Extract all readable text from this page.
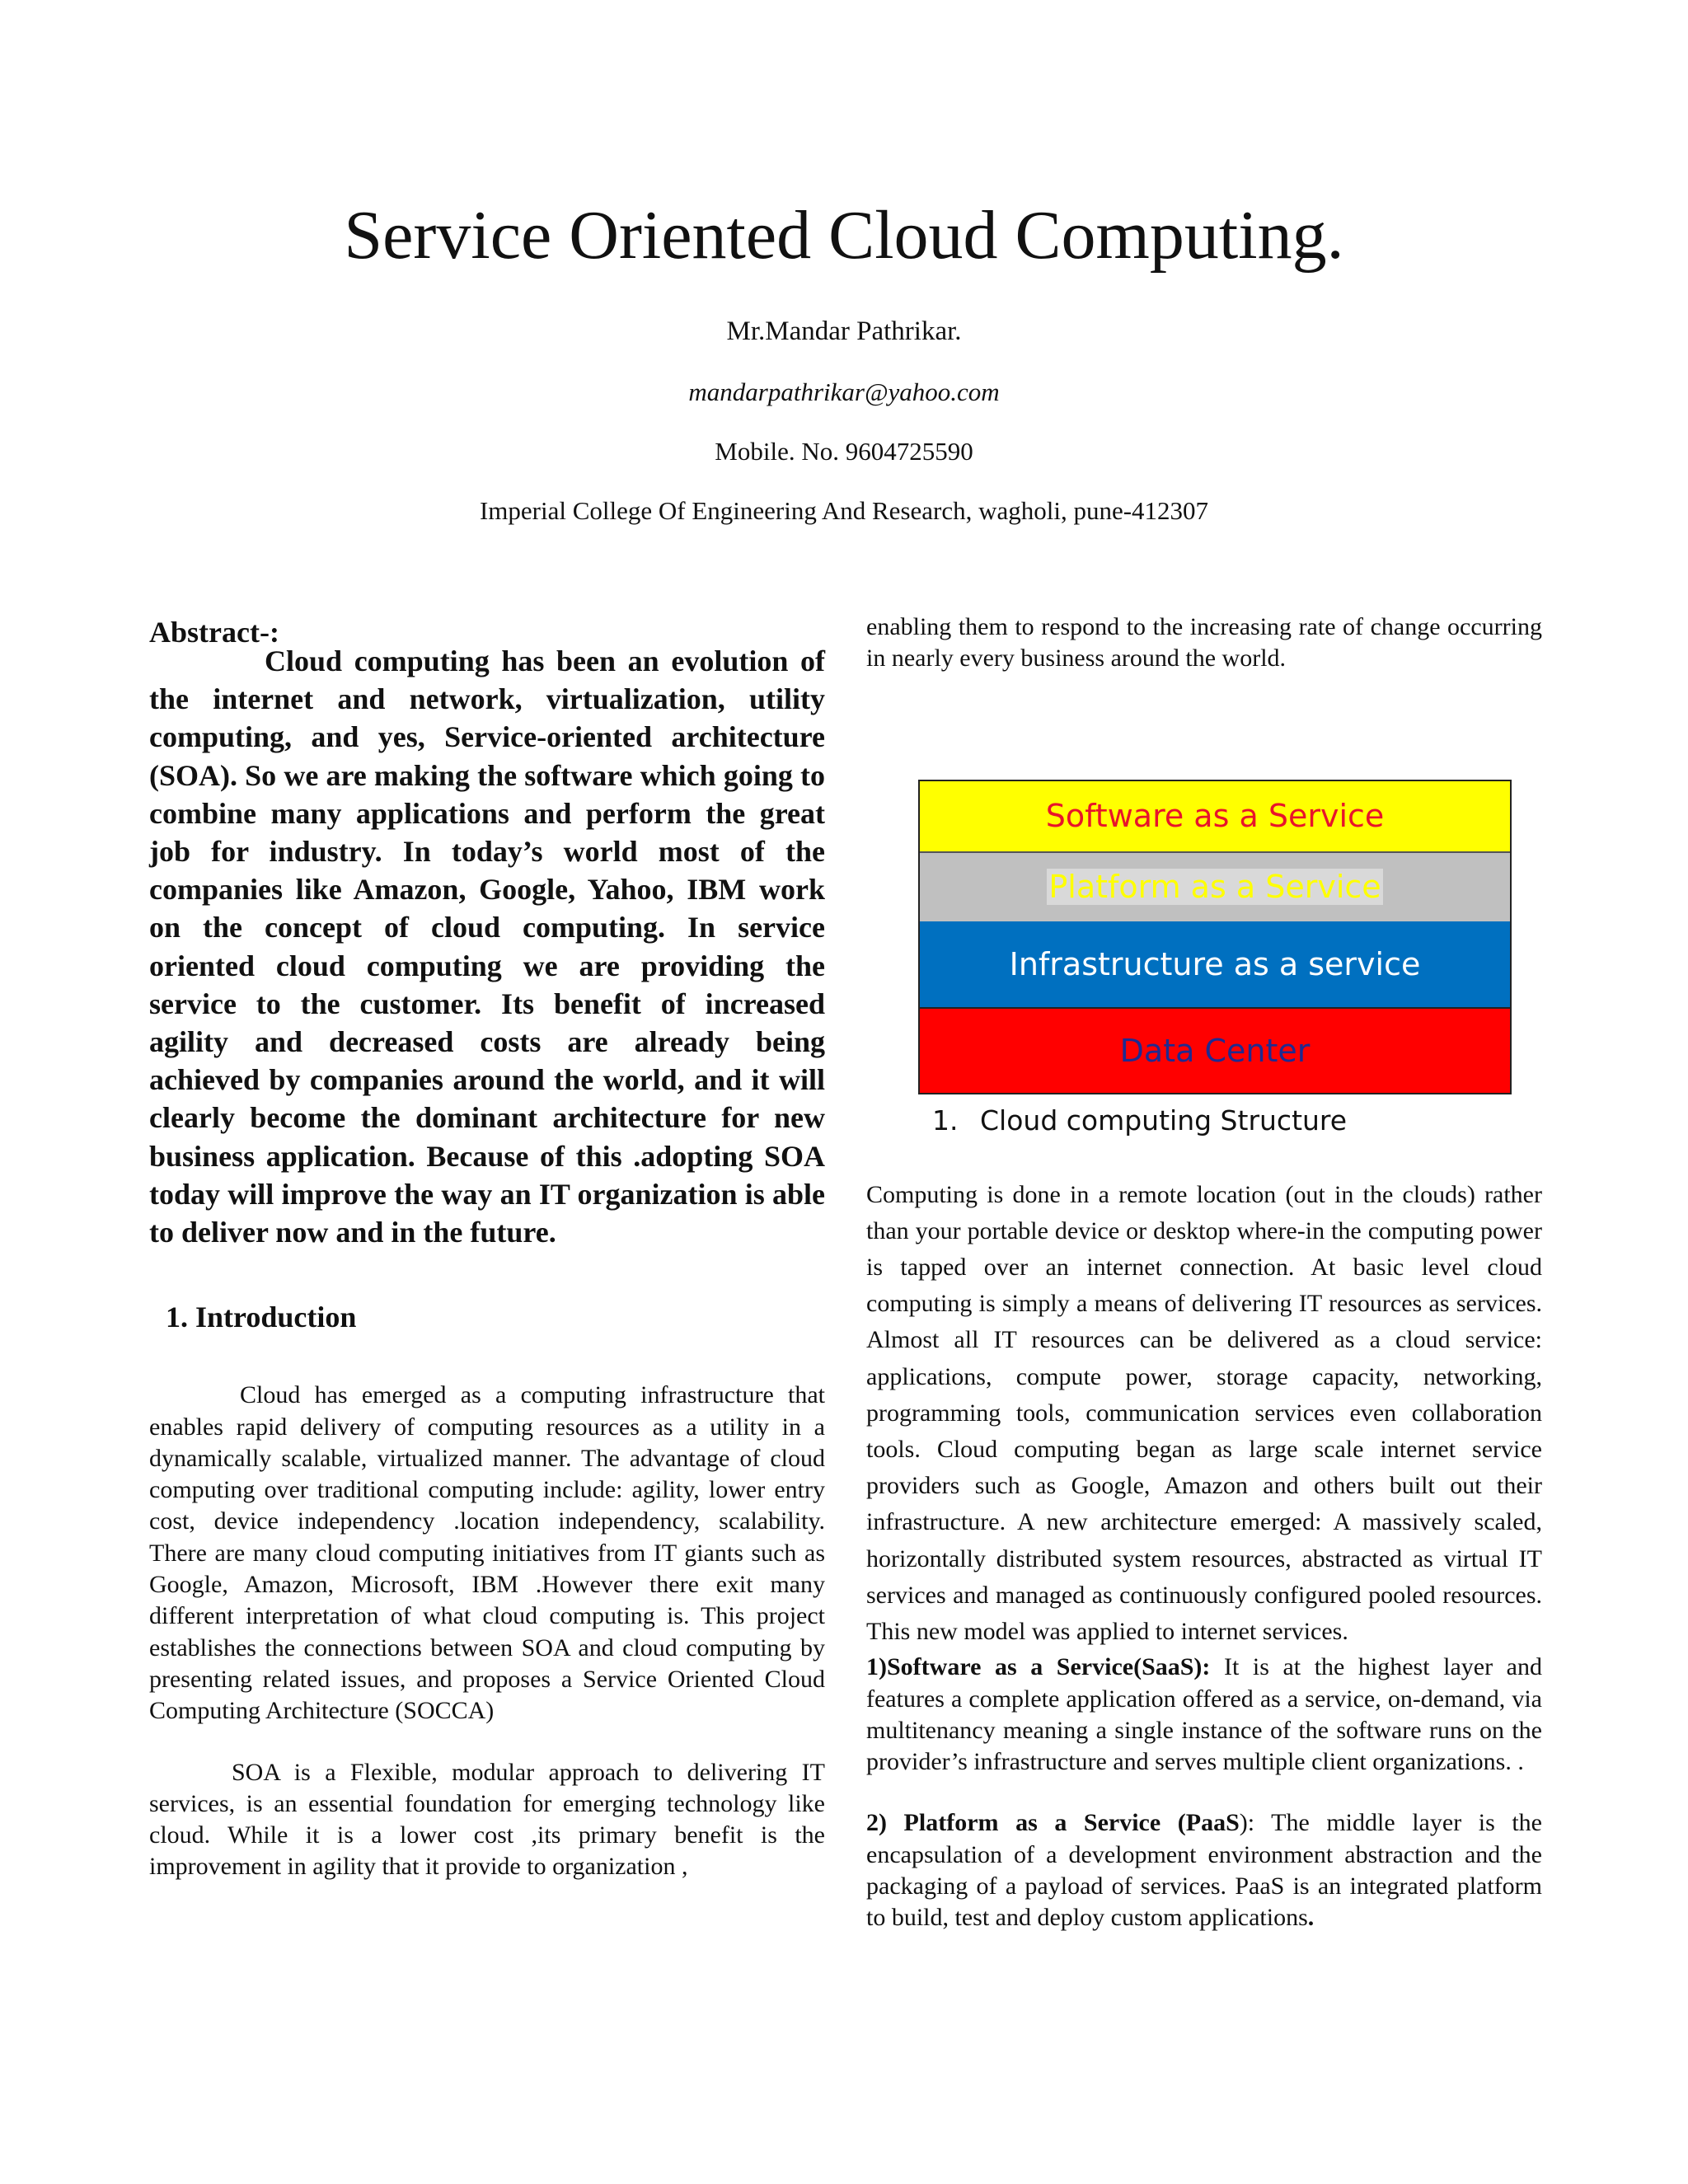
Service Oriented Cloud Computing.
Mr.Mandar Pathrikar.
mandarpathrikar@yahoo.com
Mobile. No. 9604725590
Imperial College Of Engineering And Research, wagholi, pune-412307

Abstract-:

Cloud computing has been an evolution of the internet and network, virtualization, utility computing, and yes, Service-oriented architecture (SOA). So we are making the software which going to combine many applications and perform the great job for industry. In today’s world most of the companies like Amazon, Google, Yahoo, IBM work on the concept of cloud computing. In service oriented cloud computing we are providing the service to the customer. Its benefit of increased agility and decreased costs are already being achieved by companies around the world, and it will clearly become the dominant architecture for new business application. Because of this .adopting SOA today will improve the way an IT organization is able to deliver now and in the future.

1. Introduction

Cloud has emerged as a computing infrastructure that enables rapid delivery of computing resources as a utility in a dynamically scalable, virtualized manner. The advantage of cloud computing over traditional computing include: agility, lower entry cost, device independency .location independency, scalability. There are many cloud computing initiatives from IT giants such as Google, Amazon, Microsoft, IBM .However there exit many different interpretation of what cloud computing is. This project establishes the connections between SOA and cloud computing by presenting related issues, and proposes a Service Oriented Cloud Computing Architecture (SOCCA)

SOA is a Flexible, modular approach to delivering IT services, is an essential foundation for emerging technology like cloud. While it is a lower cost ,its primary benefit is the improvement in agility that it provide to organization ,

enabling them to respond to the increasing rate of change occurring in nearly every business around the world.

Software as a Service
Platform as a Service
Infrastructure as a service
Data Center
1. Cloud computing Structure

Computing is done in a remote location (out in the clouds) rather than your portable device or desktop where-in the computing power is tapped over an internet connection. At basic level cloud computing is simply a means of delivering IT resources as services. Almost all IT resources can be delivered as a cloud service: applications, compute power, storage capacity, networking, programming tools, communication services even collaboration tools. Cloud computing began as large scale internet service providers such as Google, Amazon and others built out their infrastructure. A new architecture emerged: A massively scaled, horizontally distributed system resources, abstracted as virtual IT services and managed as continuously configured pooled resources. This new model was applied to internet services.

1)Software as a Service(SaaS): It is at the highest layer and features a complete application offered as a service, on-demand, via multitenancy meaning a single instance of the software runs on the provider’s infrastructure and serves multiple client organizations. .

2) Platform as a Service (PaaS): The middle layer is the encapsulation of a development environment abstraction and the packaging of a payload of services. PaaS is an integrated platform to build, test and deploy custom applications.
